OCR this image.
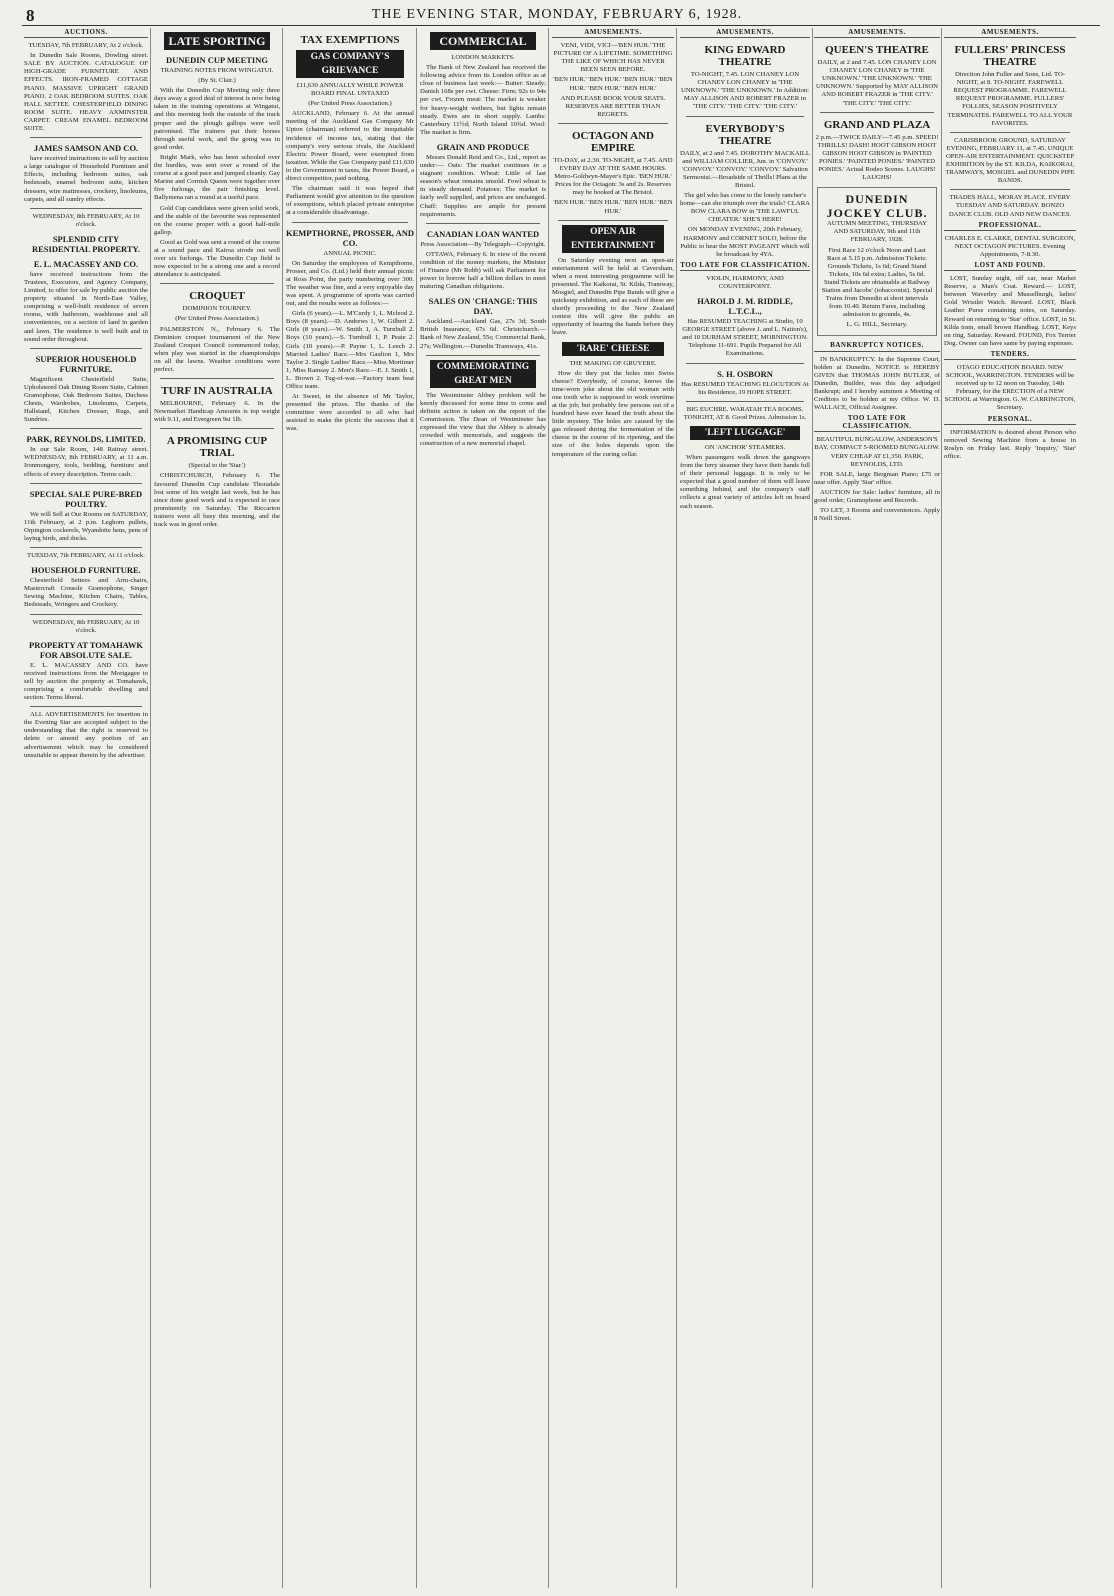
8	THE EVENING STAR, MONDAY, FEBRUARY 6, 1928.
AUCTIONS.

TUESDAY, 7th FEBRUARY, At 2 o'clock.

In Dunedin Sale Rooms, Dowling street. SALE BY AUCTION. CATALOGUE OF HIGH-GRADE FURNITURE AND EFFECTS. IRON-FRAMED COTTAGE PIANO. MASSIVE UPRIGHT GRAND PIANO. 2 OAK BEDROOM SUITES. OAK HALL SETTEE. CHESTERFIELD DINING ROOM SUITE. HEAVY AXMINSTER CARPET. CREAM ENAMEL BEDROOM SUITE.

JAMES SAMSON AND CO.

have received instructions to sell by auction a large catalogue of Household Furniture and Effects, including bedroom suites, oak bedsteads, enamel bedroom suite, kitchen dressers, wire mattresses, crockery, linoleums, carpets, and all sundry effects.

WEDNESDAY, 8th FEBRUARY, At 10 o'clock.

SPLENDID CITY RESIDENTIAL PROPERTY.
E. L. MACASSEY AND CO.

have received instructions from the Trustees, Executors, and Agency Company, Limited, to offer for sale by public auction the property situated in North-East Valley, comprising a well-built residence of seven rooms, with bathroom, washhouse and all conveniences, on a section of land in garden and lawn. The residence is well built and in sound order throughout.

SUPERIOR HOUSEHOLD FURNITURE.

Magnificent Chesterfield Suite, Upholstered Oak Dining Room Suite, Cabinet Gramophone, Oak Bedroom Suites, Duchess Chests, Wardrobes, Linoleums, Carpets, Hallstand, Kitchen Dresser, Rugs, and Sundries.

PARK, REYNOLDS, LIMITED.

In our Sale Room, 148 Rattray street. WEDNESDAY, 8th FEBRUARY, at 11 a.m. Ironmongery, tools, bedding, furniture and effects of every description. Terms cash.

SPECIAL SALE PURE-BRED POULTRY.

We will Sell at Our Rooms on SATURDAY, 11th February, at 2 p.m. Leghorn pullets, Orpington cockerels, Wyandotte hens, pens of laying birds, and ducks.

TUESDAY, 7th FEBRUARY, At 11 o'clock.

HOUSEHOLD FURNITURE.

Chesterfield Settees and Arm-chairs, Mastercraft Console Gramophone, Singer Sewing Machine, Kitchen Chairs, Tables, Bedsteads, Wringers and Crockery.

WEDNESDAY, 8th FEBRUARY, At 10 o'clock.

PROPERTY AT TOMAHAWK FOR ABSOLUTE SALE.

E. L. MACASSEY AND CO. have received instructions from the Mortgagee to sell by auction the property at Tomahawk, comprising a comfortable dwelling and section. Terms liberal.

ALL ADVERTISEMENTS for insertion in the Evening Star are accepted subject to the understanding that the right is reserved to delete or amend any portion of an advertisement which may be considered unsuitable to appear therein by the advertiser.

LATE SPORTING
DUNEDIN CUP MEETING

TRAINING NOTES FROM WINGATUI.

(By St. Clair.)

With the Dunedin Cup Meeting only three days away a good deal of interest is now being taken in the training operations at Wingatui, and this morning both the outside of the track proper and the plough gallops were well patronised. The trainers put their horses through useful work, and the going was in good order.

Bright Mark, who has been schooled over the hurdles, was sent over a round of the course at a good pace and jumped cleanly. Gay Marine and Cornish Queen were together over five furlongs, the pair finishing level. Ballymena ran a round at a useful pace.

Gold Cup candidates were given solid work, and the stable of the favourite was represented on the course proper with a good half-mile gallop.

Good as Gold was sent a round of the course at a sound pace and Kairoa strode out well over six furlongs. The Dunedin Cup field is now expected to be a strong one and a record attendance is anticipated.

CROQUET

DOMINION TOURNEY.

(Per United Press Association.)

PALMERSTON N., February 6. The Dominion croquet tournament of the New Zealand Croquet Council commenced today, when play was started in the championships on all the lawns. Weather conditions were perfect.

TURF IN AUSTRALIA

MELBOURNE, February 6. In the Newmarket Handicap Amounis is top weight with 9.11, and Evergreen 9st 1lb.

A PROMISING CUP TRIAL

(Special to the 'Star.')

CHRISTCHURCH, February 6. The favoured Dunedin Cup candidate Thoradale lost some of his weight last week, but he has since done good work and is expected to race prominently on Saturday. The Riccarton trainers were all busy this morning, and the track was in good order.

TAX EXEMPTIONS
GAS COMPANY'S GRIEVANCE

£11,630 ANNUALLY WHILE POWER BOARD FINAL UNTAXED

(Per United Press Association.)

AUCKLAND, February 6. At the annual meeting of the Auckland Gas Company Mr Upton (chairman) referred to the inequitable incidence of income tax, stating that the company's very serious rivals, the Auckland Electric Power Board, were exempted from taxation. While the Gas Company paid £11,630 to the Government in taxes, the Power Board, a direct competitor, paid nothing.

The chairman said it was hoped that Parliament would give attention to the question of exemptions, which placed private enterprise at a considerable disadvantage.

KEMPTHORNE, PROSSER, AND CO.

ANNUAL PICNIC.

On Saturday the employees of Kempthorne, Prosser, and Co. (Ltd.) held their annual picnic at Ross Point, the party numbering over 300. The weather was fine, and a very enjoyable day was spent. A programme of sports was carried out, and the results were as follows:—

Girls (6 years).—L. M'Curdy 1, L. Mcleod 2. Boys (8 years).—D. Andrews 1, W. Gilbert 2. Girls (8 years).—W. Smith 1, A. Turnbull 2. Boys (10 years).—S. Turnbull 1, P. Peate 2. Girls (10 years).—P. Payne 1, L. Leech 2. Married Ladies' Race.—Mrs Gaulton 1, Mrs Taylor 2. Single Ladies' Race.—Miss Mortimer 1, Miss Ramsay 2. Men's Race.—E. J. Smith 1, L. Brown 2. Tug-of-war.—Factory team beat Office team.

At Sweet, in the absence of Mr Taylor, presented the prizes. The thanks of the committee were accorded to all who had assisted to make the picnic the success that it was.

COMMERCIAL

LONDON MARKETS.

The Bank of New Zealand has received the following advice from its London office as at close of business last week:— Butter: Steady; Danish 168s per cwt. Cheese: Firm; 92s to 94s per cwt. Frozen meat: The market is weaker for heavy-weight wethers, but lights remain steady. Ewes are in short supply. Lambs: Canterbury 11½d; North Island 10¾d. Wool: The market is firm.

GRAIN AND PRODUCE

Messrs Donald Reid and Co., Ltd., report as under:— Oats: The market continues in a stagnant condition. Wheat: Little of last season's wheat remains unsold. Fowl wheat is in steady demand. Potatoes: The market is fairly well supplied, and prices are unchanged. Chaff: Supplies are ample for present requirements.

CANADIAN LOAN WANTED

Press Association—By Telegraph—Copyright.

OTTAWA, February 6. In view of the recent condition of the money markets, the Minister of Finance (Mr Robb) will ask Parliament for power to borrow half a billion dollars to meet maturing Canadian obligations.

SALES ON 'CHANGE: THIS DAY.

Auckland.—Auckland Gas, 27s 3d; South British Insurance, 67s 6d. Christchurch.—Bank of New Zealand, 55s; Commercial Bank, 27s; Wellington.—Dunedin Tramways, 41s.

COMMEMORATING GREAT MEN

The Westminster Abbey problem will be keenly discussed for some time to come and definite action is taken on the report of the Commission. The Dean of Westminster has expressed the view that the Abbey is already crowded with memorials, and suggests the construction of a new memorial chapel.

AMUSEMENTS.

VENI, VIDI, VICI—'BEN HUR.' THE PICTURE OF A LIFETIME. SOMETHING THE LIKE OF WHICH HAS NEVER BEEN SEEN BEFORE.

'BEN HUR.' 'BEN HUR.' 'BEN HUR.' 'BEN HUR.' 'BEN HUR.' 'BEN HUR.'

AND PLEASE BOOK YOUR SEATS. RESERVES ARE BETTER THAN REGRETS.

OCTAGON AND EMPIRE

TO-DAY, at 2.30. TO-NIGHT, at 7.45. AND EVERY DAY AT THE SAME HOURS. Metro-Goldwyn-Mayer's Epic. 'BEN HUR.' Prices for the Octagon: 3s and 2s. Reserves may be booked at The Bristol.

'BEN HUR.' 'BEN HUR.' 'BEN HUR.' 'BEN HUR.'

OPEN AIR ENTERTAINMENT

On Saturday evening next an open-air entertainment will be held at Caversham, when a most interesting programme will be presented. The Kaikorai, St. Kilda, Tramway, Mosgiel, and Dunedin Pipe Bands will give a quickstep exhibition, and as each of these are shortly proceeding to the New Zealand contest this will give the public an opportunity of hearing the bands before they leave.

'RARE' CHEESE

THE MAKING OF GRUYERE.

How do they put the holes into Swiss cheese? Everybody, of course, knows the time-worn joke about the old woman with one tooth who is supposed to work overtime at the job; but probably few persons out of a hundred have ever heard the truth about the little mystery. The holes are caused by the gas released during the fermentation of the cheese in the course of its ripening, and the size of the holes depends upon the temperature of the curing cellar.

AMUSEMENTS.
KING EDWARD THEATRE

TO-NIGHT, 7.45. LON CHANEY LON CHANEY LON CHANEY in 'THE UNKNOWN.' 'THE UNKNOWN.' In Addition: MAY ALLISON AND ROBERT FRAZER in 'THE CITY.' 'THE CITY.' 'THE CITY.'

EVERYBODY'S THEATRE

DAILY, at 2 and 7.45. DOROTHY MACKAILL and WILLIAM COLLIER, Jun. in 'CONVOY.' 'CONVOY.' 'CONVOY.' 'CONVOY.' Salvation Sermonist.—Broadside of Thrills! Plans at the Bristol.

The girl who has come to the lonely rancher's home—can she triumph over the trials? CLARA BOW CLARA BOW in 'THE LAWFUL CHEATER.' SHE'S HERE!

ON MONDAY EVENING, 20th February, HARMONY and CORNET SOLO, before the Public to hear the MOST PAGEANT which will be broadcast by 4YA.

TOO LATE FOR CLASSIFICATION.

VIOLIN, HARMONY, AND COUNTERPOINT.

HAROLD J. M. RIDDLE, L.T.C.L.,

Has RESUMED TEACHING at Studio, 10 GEORGE STREET (above J. and L. Nation's), and 10 DURHAM STREET, MORNINGTON. Telephone 11-691. Pupils Prepared for All Examinations.

S. H. OSBORN

Has RESUMED TEACHING ELOCUTION At his Residence, 19 HOPE STREET.

BIG EUCHRE. WARATAH TEA ROOMS. TONIGHT, AT 8. Good Prizes. Admission 1s.

'LEFT LUGGAGE'

ON 'ANCHOR' STEAMERS.

When passengers walk down the gangways from the ferry steamer they have their hands full of their personal luggage. It is only to be expected that a good number of them will leave something behind, and the company's staff collects a great variety of articles left on board each season.

AMUSEMENTS.
QUEEN'S THEATRE

DAILY, at 2 and 7.45. LON CHANEY LON CHANEY LON CHANEY in 'THE UNKNOWN.' 'THE UNKNOWN.' 'THE UNKNOWN.' Supported by MAY ALLISON AND ROBERT FRAZER in 'THE CITY.' 'THE CITY.' 'THE CITY.'

GRAND AND PLAZA

2 p.m.—TWICE DAILY—7.45 p.m. SPEED! THRILLS! DASH! HOOT GIBSON HOOT GIBSON HOOT GIBSON in 'PAINTED PONIES.' 'PAINTED PONIES.' 'PAINTED PONIES.' Actual Rodeo Scenes. LAUGHS! LAUGHS!

DUNEDIN JOCKEY CLUB.

AUTUMN MEETING, THURSDAY AND SATURDAY, 9th and 11th FEBRUARY, 1928.

First Race 12 o'clock Noon and Last Race at 5.15 p.m. Admission Tickets: Grounds Tickets, 1s 6d; Grand Stand Tickets, 10s 6d extra; Ladies, 5s 6d. Stand Tickets are obtainable at Railway Station and Jacobs' (tobacconist). Special Trains from Dunedin at short intervals from 10.40. Return Fares, including admission to grounds, 4s.

L. G. HILL, Secretary.

BANKRUPTCY NOTICES.

IN BANKRUPTCY. In the Supreme Court, holden at Dunedin. NOTICE is HEREBY GIVEN that THOMAS JOHN BUTLER, of Dunedin, Builder, was this day adjudged Bankrupt; and I hereby summon a Meeting of Creditors to be holden at my Office. W. D. WALLACE, Official Assignee.

TOO LATE FOR CLASSIFICATION.

BEAUTIFUL BUNGALOW, ANDERSON'S BAY. COMPACT 5-ROOMED BUNGALOW. VERY CHEAP AT £1,350. PARK, REYNOLDS, LTD.

FOR SALE, large Bergman Piano; £75 or near offer. Apply 'Star' office.

AUCTION for Sale: ladies' furniture, all in good order; Gramophone and Records.

TO LET, 3 Rooms and conveniences. Apply 8 Neill Street.

AMUSEMENTS.
FULLERS' PRINCESS THEATRE

Direction John Fuller and Sons, Ltd. TO-NIGHT, at 8. TO-NIGHT. FAREWELL REQUEST PROGRAMME. FAREWELL REQUEST PROGRAMME. FULLERS' FOLLIES, SEASON POSITIVELY TERMINATES. FAREWELL TO ALL YOUR FAVORITES.

CARISBROOK GROUND, SATURDAY EVENING, FEBRUARY 11, at 7.45. UNIQUE OPEN-AIR ENTERTAINMENT. QUICKSTEP EXHIBITION by the ST. KILDA, KAIKORAI, TRAMWAYS, MOSGIEL and DUNEDIN PIPE BANDS.

TRADES HALL, MORAY PLACE. EVERY TUESDAY AND SATURDAY. BONZO DANCE CLUB. OLD AND NEW DANCES.

PROFESSIONAL.

CHARLES E. CLARKE, DENTAL SURGEON, NEXT OCTAGON PICTURES. Evening Appointments, 7-8.30.

LOST AND FOUND.

LOST, Sunday night, off car, near Market Reserve, a Man's Coat. Reward.— LOST, between Waverley and Musselburgh, ladies' Gold Wristlet Watch. Reward. LOST, Black Leather Purse containing notes, on Saturday. Reward on returning to 'Star' office. LOST, in St. Kilda tram, small brown Handbag. LOST, Keys on ring, Saturday. Reward. FOUND, Fox Terrier Dog. Owner can have same by paying expenses.

TENDERS.

OTAGO EDUCATION BOARD. NEW SCHOOL, WARRINGTON. TENDERS will be received up to 12 noon on Tuesday, 14th February, for the ERECTION of a NEW SCHOOL at Warrington. G. W. CARRINGTON, Secretary.

PERSONAL.

INFORMATION is desired about Person who removed Sewing Machine from a house in Roslyn on Friday last. Reply 'Inquiry,' 'Star' office.
